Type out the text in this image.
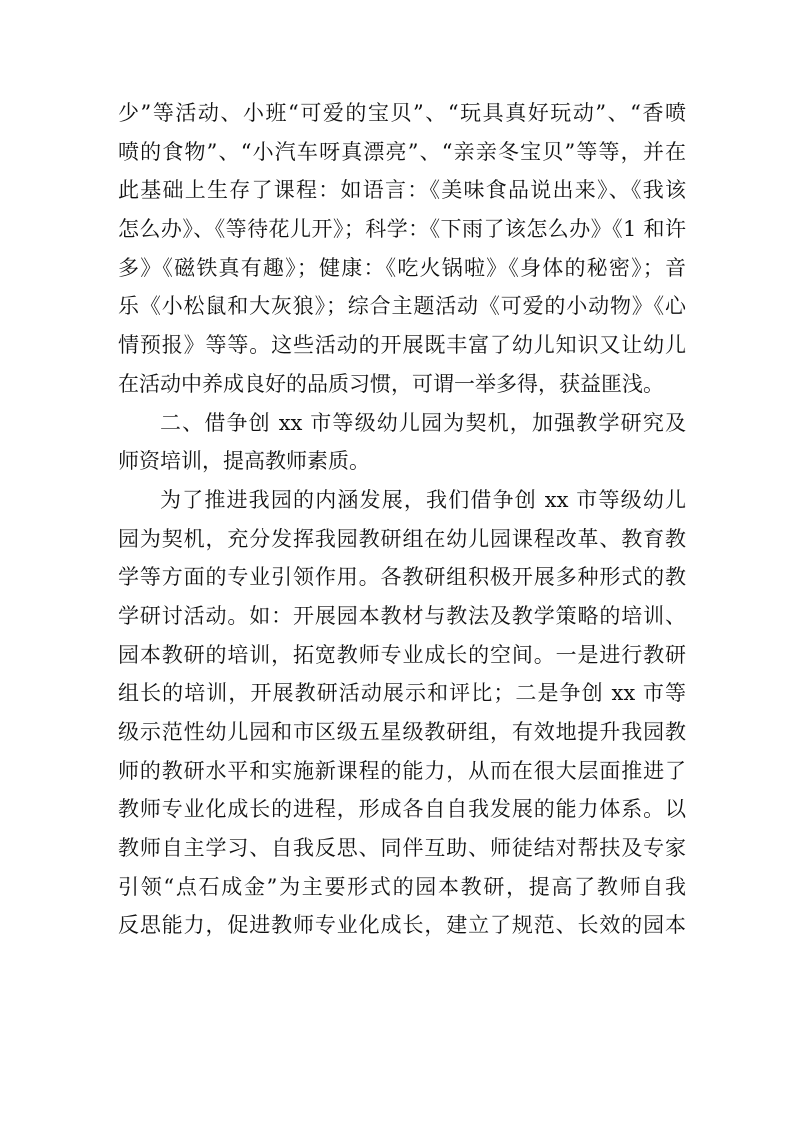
少”等活动、小班“可爱的宝贝”、“玩具真好玩动”、“香喷
喷的食物”、“小汽车呀真漂亮”、“亲亲冬宝贝”等等，并在
此基础上生存了课程：如语言：《美味食品说出来》、《我该
怎么办》、《等待花儿开》；科学：《下雨了该怎么办》《1 和许
多》《磁铁真有趣》；健康：《吃火锅啦》《身体的秘密》；音
乐《小松鼠和大灰狼》；综合主题活动《可爱的小动物》《心
情预报》等等。这些活动的开展既丰富了幼儿知识又让幼儿
在活动中养成良好的品质习惯，可谓一举多得，获益匪浅。
二、借争创 xx 市等级幼儿园为契机，加强教学研究及
师资培训，提高教师素质。
为了推进我园的内涵发展，我们借争创 xx 市等级幼儿
园为契机，充分发挥我园教研组在幼儿园课程改革、教育教
学等方面的专业引领作用。各教研组积极开展多种形式的教
学研讨活动。如：开展园本教材与教法及教学策略的培训、
园本教研的培训，拓宽教师专业成长的空间。一是进行教研
组长的培训，开展教研活动展示和评比；二是争创 xx 市等
级示范性幼儿园和市区级五星级教研组，有效地提升我园教
师的教研水平和实施新课程的能力，从而在很大层面推进了
教师专业化成长的进程，形成各自自我发展的能力体系。以
教师自主学习、自我反思、同伴互助、师徒结对帮扶及专家
引领“点石成金”为主要形式的园本教研，提高了教师自我
反思能力，促进教师专业化成长，建立了规范、长效的园本
